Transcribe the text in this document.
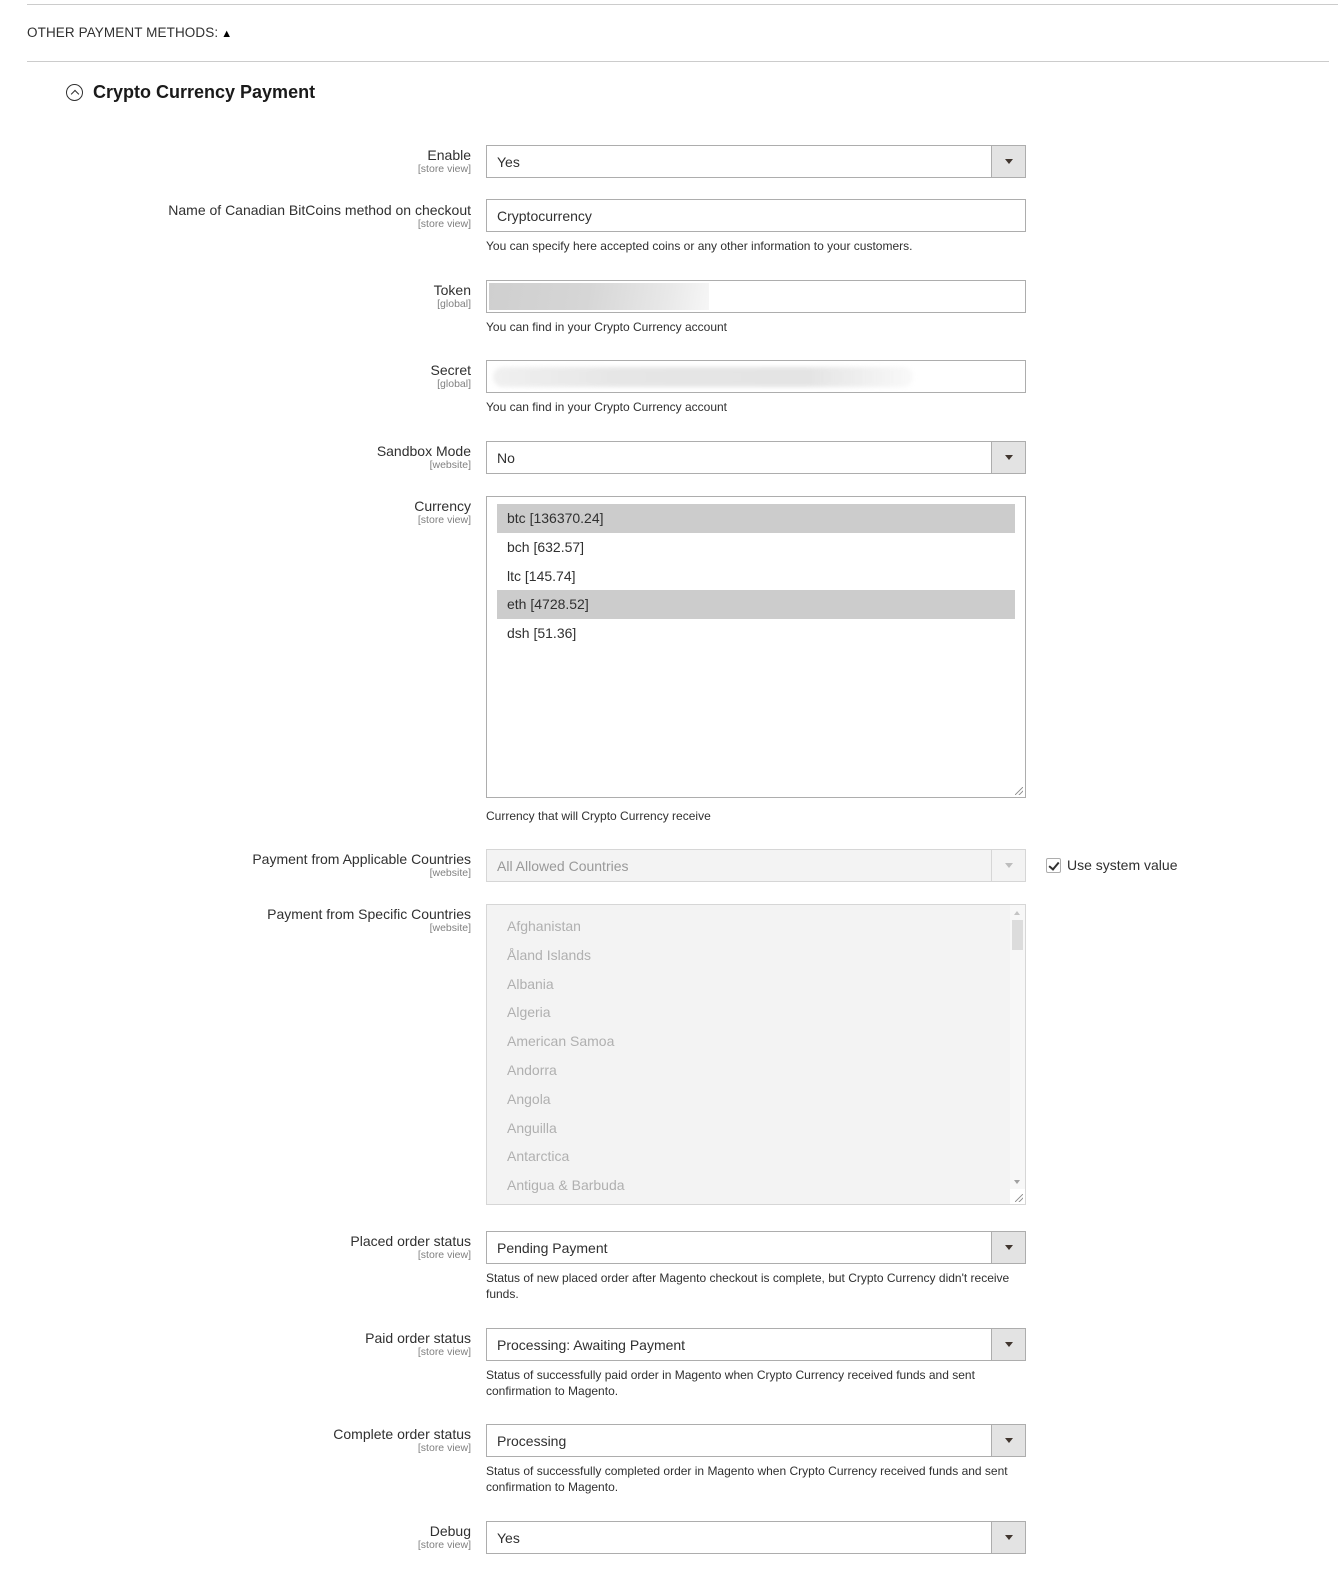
OTHER PAYMENT METHODS: ▲
Crypto Currency Payment
Enable
[store view] Yes
Name of Canadian BitCoins method on checkout
[store view] Cryptocurrency
You can specify here accepted coins or any other information to your customers.
Token
[global]
You can find in your Crypto Currency account
Secret
[global]
You can find in your Crypto Currency account
Sandbox Mode
[website] No
Currency
[store view]	btc [136370.24]
bch [632.57]
ltc [145.74]
eth [4728.52]
dsh [51.36]
Currency that will Crypto Currency receive
Payment from Applicable Countries
[website] All Allowed Countries	Use system value
Payment from Specific Countries
[website]	Afghanistan
Åland Islands
Albania
Algeria
American Samoa
Andorra
Angola
Anguilla
Antarctica
Antigua & Barbuda
Placed order status
[store view] Pending Payment
Status of new placed order after Magento checkout is complete, but Crypto Currency didn't receive funds.
Paid order status
[store view] Processing: Awaiting Payment
Status of successfully paid order in Magento when Crypto Currency received funds and sent confirmation to Magento.
Complete order status
[store view] Processing
Status of successfully completed order in Magento when Crypto Currency received funds and sent confirmation to Magento.
Debug
[store view] Yes
